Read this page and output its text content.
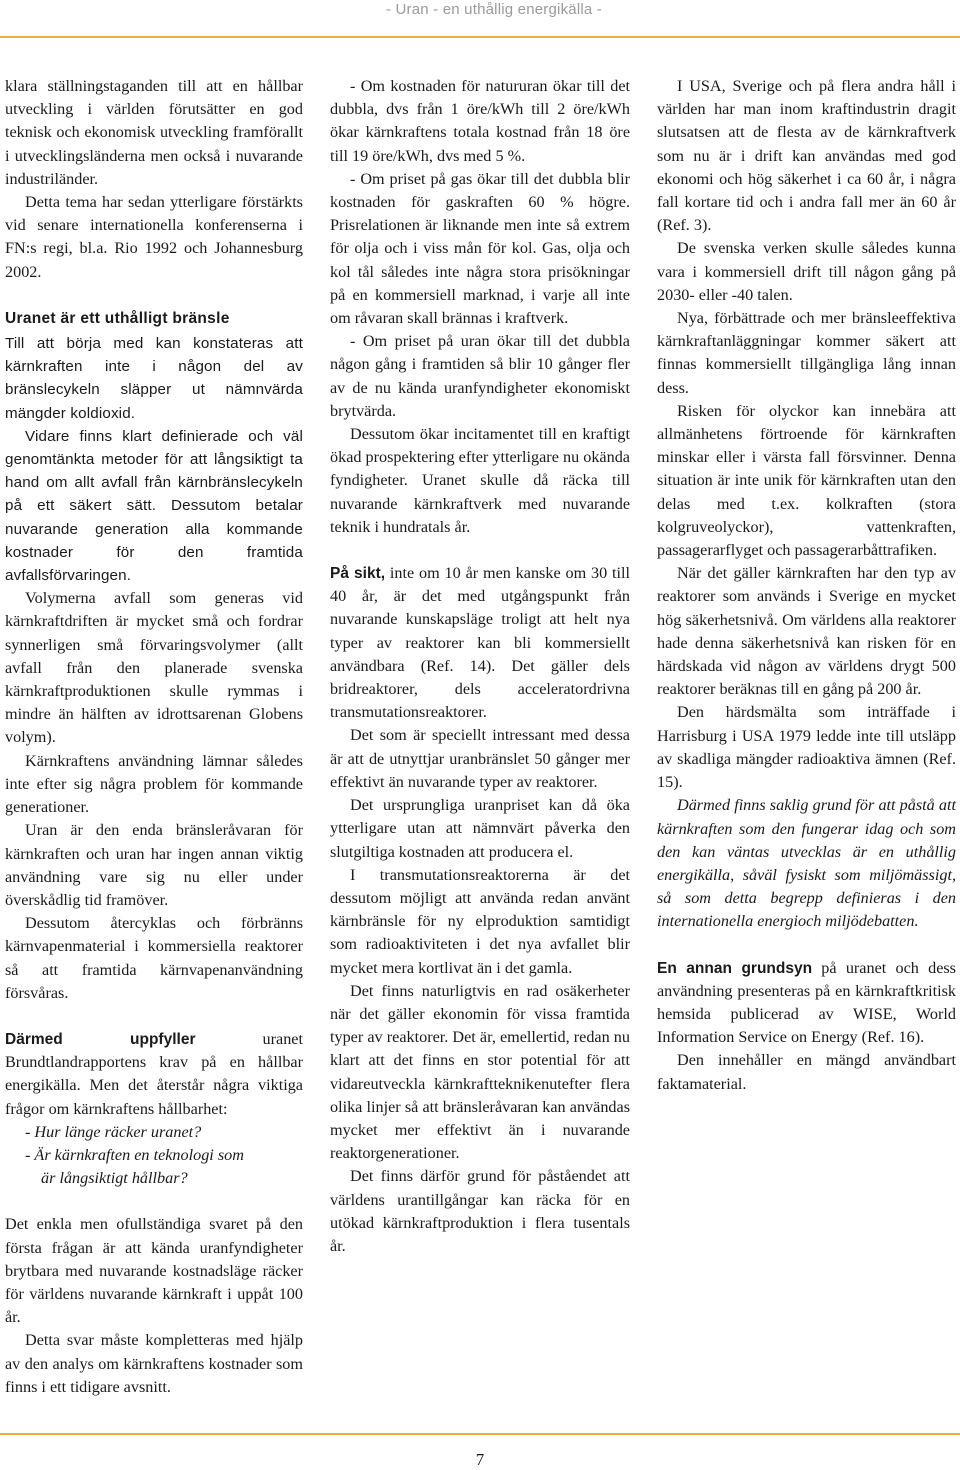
- Uran - en uthållig energikälla -

klara ställningstaganden till att en hållbar utveckling i världen förutsätter en god teknisk och ekonomisk utveckling framförallt i utvecklingsländerna men också i nuvarande industriländer.

Detta tema har sedan ytterligare förstärkts vid senare internationella konferenserna i FN:s regi, bl.a. Rio 1992 och Johannesburg 2002.

Uranet är ett uthålligt bränsle

Till att börja med kan konstateras att kärnkraften inte i någon del av bränslecykeln släpper ut nämnvärda mängder koldioxid.

Vidare finns klart definierade och väl genomtänkta metoder för att långsiktigt ta hand om allt avfall från kärnbränslecykeln på ett säkert sätt. Dessutom betalar nuvarande generation alla kommande kostnader för den framtida avfallsförvaringen.

Volymerna avfall som generas vid kärnkraftdriften är mycket små och fordrar synnerligen små förvaringsvolymer (allt avfall från den planerade svenska kärnkraftproduktionen skulle rymmas i mindre än hälften av idrottsarenan Globens volym).

Kärnkraftens användning lämnar således inte efter sig några problem för kommande generationer.

Uran är den enda bränsleråvaran för kärnkraften och uran har ingen annan viktig användning vare sig nu eller under överskådlig tid framöver.

Dessutom återcyklas och förbränns kärnvapenmaterial i kommersiella reaktorer så att framtida kärnvapenanvändning försvåras.

Därmed uppfyller uranet Brundtlandrapportens krav på en hållbar energikälla. Men det återstår några viktiga frågor om kärnkraftens hållbarhet:

- Hur länge räcker uranet?

- Är kärnkraften en teknologi som

är långsiktigt hållbar?

Det enkla men ofullständiga svaret på den första frågan är att kända uranfyndigheter brytbara med nuvarande kostnadsläge räcker för världens nuvarande kärnkraft i uppåt 100 år.

Detta svar måste kompletteras med hjälp av den analys om kärnkraftens kostnader som finns i ett tidigare avsnitt.

- Om kostnaden för natururan ökar till det dubbla, dvs från 1 öre/kWh till 2 öre/kWh ökar kärnkraftens totala kostnad från 18 öre till 19 öre/kWh, dvs med 5 %.

- Om priset på gas ökar till det dubbla blir kostnaden för gaskraften 60 % högre. Prisrelationen är liknande men inte så extrem för olja och i viss mån för kol. Gas, olja och kol tål således inte några stora prisökningar på en kommersiell marknad, i varje all inte om råvaran skall brännas i kraftverk.

- Om priset på uran ökar till det dubbla någon gång i framtiden så blir 10 gånger fler av de nu kända uranfyndigheter ekonomiskt brytvärda.

Dessutom ökar incitamentet till en kraftigt ökad prospektering efter ytterligare nu okända fyndigheter. Uranet skulle då räcka till nuvarande kärnkraftverk med nuvarande teknik i hundratals år.

På sikt, inte om 10 år men kanske om 30 till 40 år, är det med utgångspunkt från nuvarande kunskapsläge troligt att helt nya typer av reaktorer kan bli kommersiellt användbara (Ref. 14). Det gäller dels bridreaktorer, dels acceleratordrivna transmutationsreaktorer.

Det som är speciellt intressant med dessa är att de utnyttjar uranbränslet 50 gånger mer effektivt än nuvarande typer av reaktorer.

Det ursprungliga uranpriset kan då öka ytterligare utan att nämnvärt påverka den slutgiltiga kostnaden att producera el.

I transmutationsreaktorerna är det dessutom möjligt att använda redan använt kärnbränsle för ny elproduktion samtidigt som radioaktiviteten i det nya avfallet blir mycket mera kortlivat än i det gamla.

Det finns naturligtvis en rad osäkerheter när det gäller ekonomin för vissa framtida typer av reaktorer. Det är, emellertid, redan nu klart att det finns en stor potential för att vidareutveckla kärnkraftteknikenutefter flera olika linjer så att bränsleråvaran kan användas mycket mer effektivt än i nuvarande reaktorgenerationer.

Det finns därför grund för påståendet att världens urantillgångar kan räcka för en utökad kärnkraftproduktion i flera tusentals år.

I USA, Sverige och på flera andra håll i världen har man inom kraftindustrin dragit slutsatsen att de flesta av de kärnkraftverk som nu är i drift kan användas med god ekonomi och hög säkerhet i ca 60 år, i några fall kortare tid och i andra fall mer än 60 år (Ref. 3).

De svenska verken skulle således kunna vara i kommersiell drift till någon gång på 2030- eller -40 talen.

Nya, förbättrade och mer bränsleeffektiva kärnkraftanläggningar kommer säkert att finnas kommersiellt tillgängliga lång innan dess.

Risken för olyckor kan innebära att allmänhetens förtroende för kärnkraften minskar eller i värsta fall försvinner. Denna situation är inte unik för kärnkraften utan den delas med t.ex. kolkraften (stora kolgruveolyckor), vattenkraften, passagerarflyget och passagerarbåttrafiken.

När det gäller kärnkraften har den typ av reaktorer som används i Sverige en mycket hög säkerhetsnivå. Om världens alla reaktorer hade denna säkerhetsnivå kan risken för en härdskada vid någon av världens drygt 500 reaktorer beräknas till en gång på 200 år.

Den härdsmälta som inträffade i Harrisburg i USA 1979 ledde inte till utsläpp av skadliga mängder radioaktiva ämnen (Ref. 15).

Därmed finns saklig grund för att påstå att kärnkraften som den fungerar idag och som den kan väntas utvecklas är en uthållig energikälla, såväl fysiskt som miljömässigt, så som detta begrepp definieras i den internationella energioch miljödebatten.

En annan grundsyn på uranet och dess användning presenteras på en kärnkraftkritisk hemsida publicerad av WISE, World Information Service on Energy (Ref. 16).

Den innehåller en mängd användbart faktamaterial.

7
